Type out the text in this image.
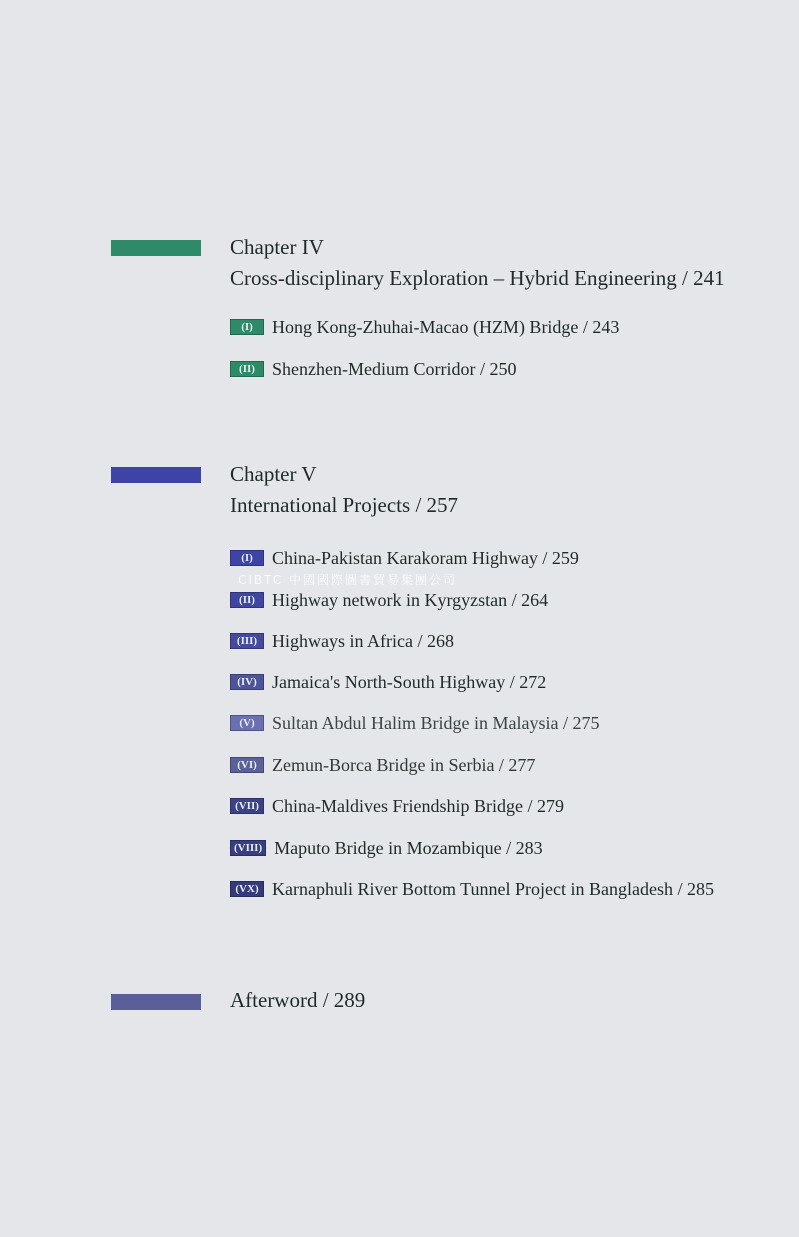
Chapter IV
Cross-disciplinary Exploration – Hybrid Engineering / 241
(I)	Hong Kong-Zhuhai-Macao (HZM) Bridge / 243
(II) Shenzhen-Medium Corridor / 250
Chapter V
International Projects / 257
(I)	China-Pakistan Karakoram Highway / 259
(II) Highway network in Kyrgyzstan / 264
(III) Highways in Africa / 268
(IV) Jamaica's North-South Highway / 272
(V) Sultan Abdul Halim Bridge in Malaysia / 275
(VI) Zemun-Borca Bridge in Serbia / 277
(VII) China-Maldives Friendship Bridge / 279
(VIII) Maputo Bridge in Mozambique / 283
(VX) Karnaphuli River Bottom Tunnel Project in Bangladesh / 285
Afterword / 289
CIBTC 中國國際圖書貿易集團公司
